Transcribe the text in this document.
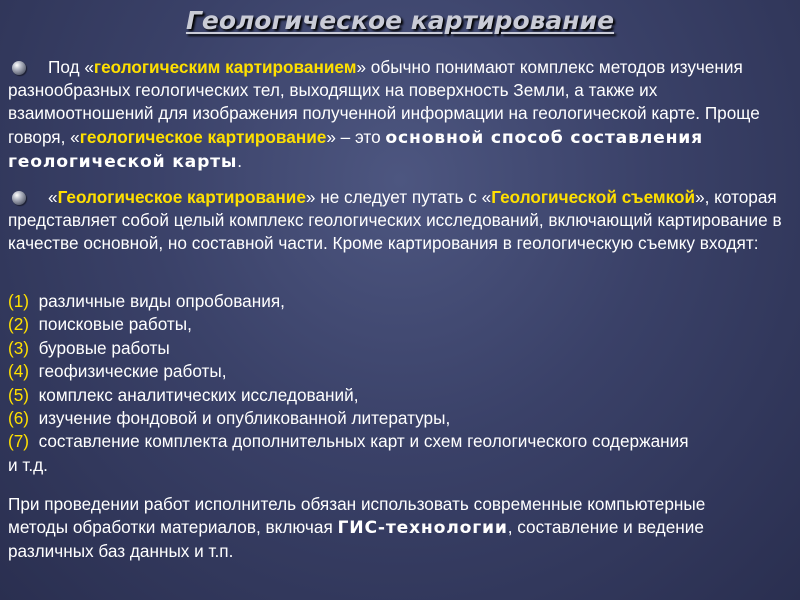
Геологическое картирование
Под «геологическим картированием» обычно понимают комплекс методов изучения разнообразных геологических тел, выходящих на поверхность Земли, а также их взаимоотношений для изображения полученной информации на геологической карте. Проще говоря, «геологическое картирование» – это основной способ составления геологической карты.
«Геологическое картирование» не следует путать с «Геологической съемкой», которая представляет собой целый комплекс геологических исследований, включающий картирование в качестве основной, но составной части. Кроме картирования в геологическую съемку входят:
(1) различные виды опробования,
(2) поисковые работы,
(3) буровые работы
(4) геофизические работы,
(5) комплекс аналитических исследований,
(6) изучение фондовой и опубликованной литературы,
(7) составление комплекта дополнительных карт и схем геологического содержания и т.д.
При проведении работ исполнитель обязан использовать современные компьютерные методы обработки материалов, включая ГИС-технологии, составление и ведение различных баз данных и т.п.
